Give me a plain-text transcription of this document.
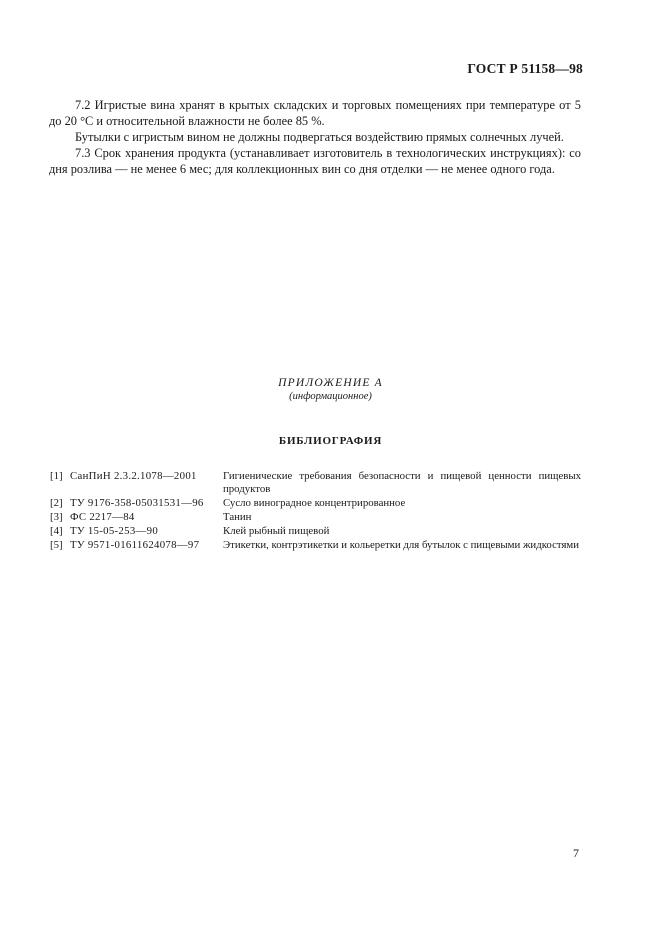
ГОСТ Р 51158—98

7.2 Игристые вина хранят в крытых складских и торговых помещениях при температуре от 5 до 20 °С и относительной влажности не более 85 %.

Бутылки с игристым вином не должны подвергаться воздействию прямых солнечных лучей.

7.3 Срок хранения продукта (устанавливает изготовитель в технологических инструкциях): со дня розлива — не менее 6 мес; для коллекционных вин со дня отделки — не менее одного года.

ПРИЛОЖЕНИЕ А
(информационное)
БИБЛИОГРАФИЯ
[1] СанПиН 2.3.2.1078—2001	Гигиенические требования безопасности и пищевой ценности пищевых продуктов
[2] ТУ 9176-358-05031531—96	Сусло виноградное концентрированное
[3] ФС 2217—84	Танин
[4] ТУ 15-05-253—90	Клей рыбный пищевой
[5] ТУ 9571-01611624078—97	Этикетки, контрэтикетки и кольеретки для бутылок с пищевыми жидкостями
7
